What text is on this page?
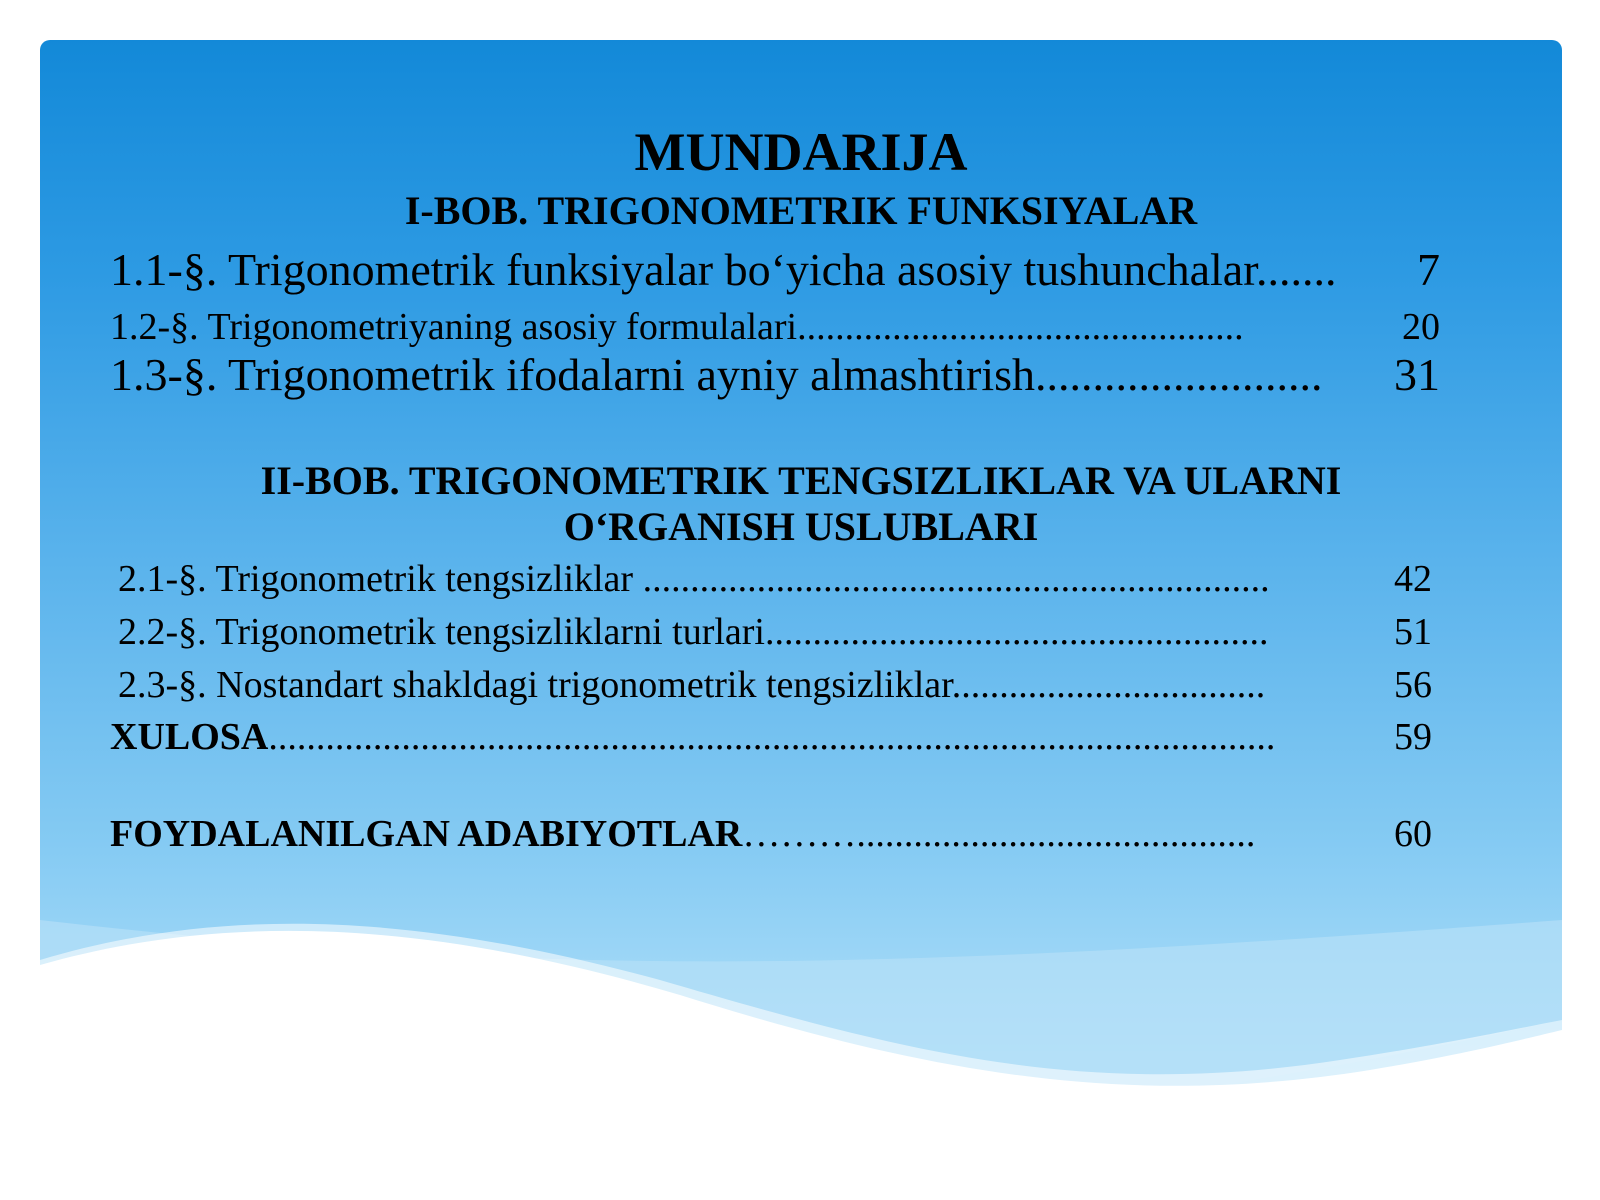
MUNDARIJA
I-BOB. TRIGONOMETRIK FUNKSIYALAR
1.1-§. Trigonometrik funksiyalar bo‘yicha asosiy tushunchalar....... 7
1.2-§. Trigonometriyaning asosiy formulalari...............................................	20
1.3-§. Trigonometrik ifodalarni ayniy almashtirish......................... 31
II-BOB. TRIGONOMETRIK TENGSIZLIKLAR VA ULARNI
O‘RGANISH USLUBLARI
2.1-§. Trigonometrik tengsizliklar ..................................................................	42
2.2-§. Trigonometrik tengsizliklarni turlari.....................................................	51
2.3-§. Nostandart shakldagi trigonometrik tengsizliklar.................................	56
XULOSA ..........................................................................................................	59
FOYDALANILGAN ADABIYOTLAR ………..........................................	60
